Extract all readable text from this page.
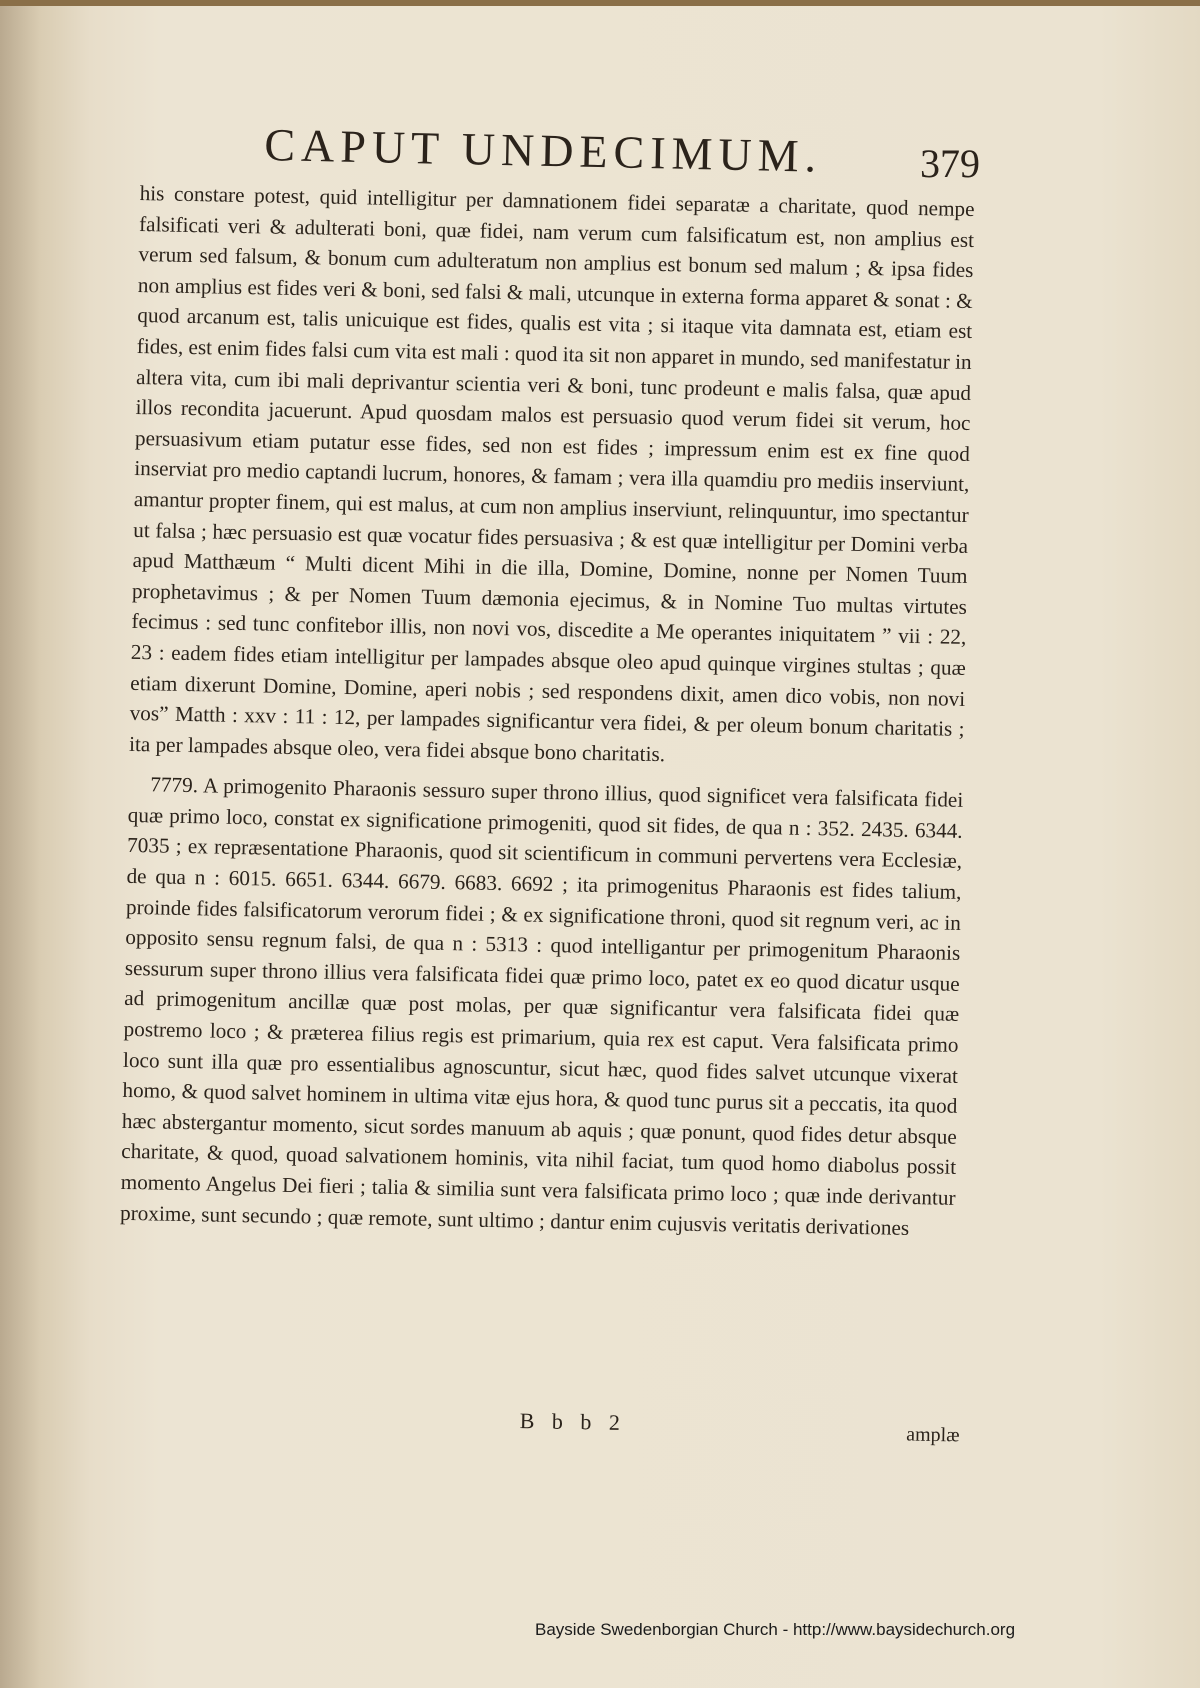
CAPUT UNDECIMUM. 379

his constare potest, quid intelligitur per damnationem fidei separatæ a charitate, quod nempe falsificati veri & adulterati boni, quæ fidei, nam verum cum falsificatum est, non amplius est verum sed falsum, & bonum cum adulteratum non amplius est bonum sed malum ; & ipsa fides non amplius est fides veri & boni, sed falsi & mali, utcunque in externa forma apparet & sonat : & quod arcanum est, talis unicuique est fides, qualis est vita ; si itaque vita damnata est, etiam est fides, est enim fides falsi cum vita est mali : quod ita sit non apparet in mundo, sed manifestatur in altera vita, cum ibi mali deprivantur scientia veri & boni, tunc prodeunt e malis falsa, quæ apud illos recondita jacuerunt. Apud quosdam malos est persuasio quod verum fidei sit verum, hoc persuasivum etiam putatur esse fides, sed non est fides ; impressum enim est ex fine quod inserviat pro medio captandi lucrum, honores, & famam ; vera illa quamdiu pro mediis inserviunt, amantur propter finem, qui est malus, at cum non amplius inserviunt, relinquuntur, imo spectantur ut falsa ; hæc persuasio est quæ vocatur fides persuasiva ; & est quæ intelligitur per Domini verba apud Matthæum “ Multi dicent Mihi in die illa, Domine, Domine, nonne per Nomen Tuum prophetavimus ; & per Nomen Tuum dæmonia ejecimus, & in Nomine Tuo multas virtutes fecimus : sed tunc confitebor illis, non novi vos, discedite a Me operantes iniquitatem ” vii : 22, 23 : eadem fides etiam intelligitur per lampades absque oleo apud quinque virgines stultas ; quæ etiam dixerunt Domine, Domine, aperi nobis ; sed respondens dixit, amen dico vobis, non novi vos” Matth : xxv : 11 : 12, per lampades significantur vera fidei, & per oleum bonum charitatis ; ita per lampades absque oleo, vera fidei absque bono charitatis.

7779. A primogenito Pharaonis sessuro super throno illius, quod significet vera falsificata fidei quæ primo loco, constat ex significatione primogeniti, quod sit fides, de qua n : 352. 2435. 6344. 7035 ; ex repræsentatione Pharaonis, quod sit scientificum in communi pervertens vera Ecclesiæ, de qua n : 6015. 6651. 6344. 6679. 6683. 6692 ; ita primogenitus Pharaonis est fides talium, proinde fides falsificatorum verorum fidei ; & ex significatione throni, quod sit regnum veri, ac in opposito sensu regnum falsi, de qua n : 5313 : quod intelligantur per primogenitum Pharaonis sessurum super throno illius vera falsificata fidei quæ primo loco, patet ex eo quod dicatur usque ad primogenitum ancillæ quæ post molas, per quæ significantur vera falsificata fidei quæ postremo loco ; & præterea filius regis est primarium, quia rex est caput. Vera falsificata primo loco sunt illa quæ pro essentialibus agnoscuntur, sicut hæc, quod fides salvet utcunque vixerat homo, & quod salvet hominem in ultima vitæ ejus hora, & quod tunc purus sit a peccatis, ita quod hæc abstergantur momento, sicut sordes manuum ab aquis ; quæ ponunt, quod fides detur absque charitate, & quod, quoad salvationem hominis, vita nihil faciat, tum quod homo diabolus possit momento Angelus Dei fieri ; talia & similia sunt vera falsificata primo loco ; quæ inde derivantur proxime, sunt secundo ; quæ remote, sunt ultimo ; dantur enim cujusvis veritatis derivationes

B b b 2	amplæ
Bayside Swedenborgian Church - http://www.baysidechurch.org
